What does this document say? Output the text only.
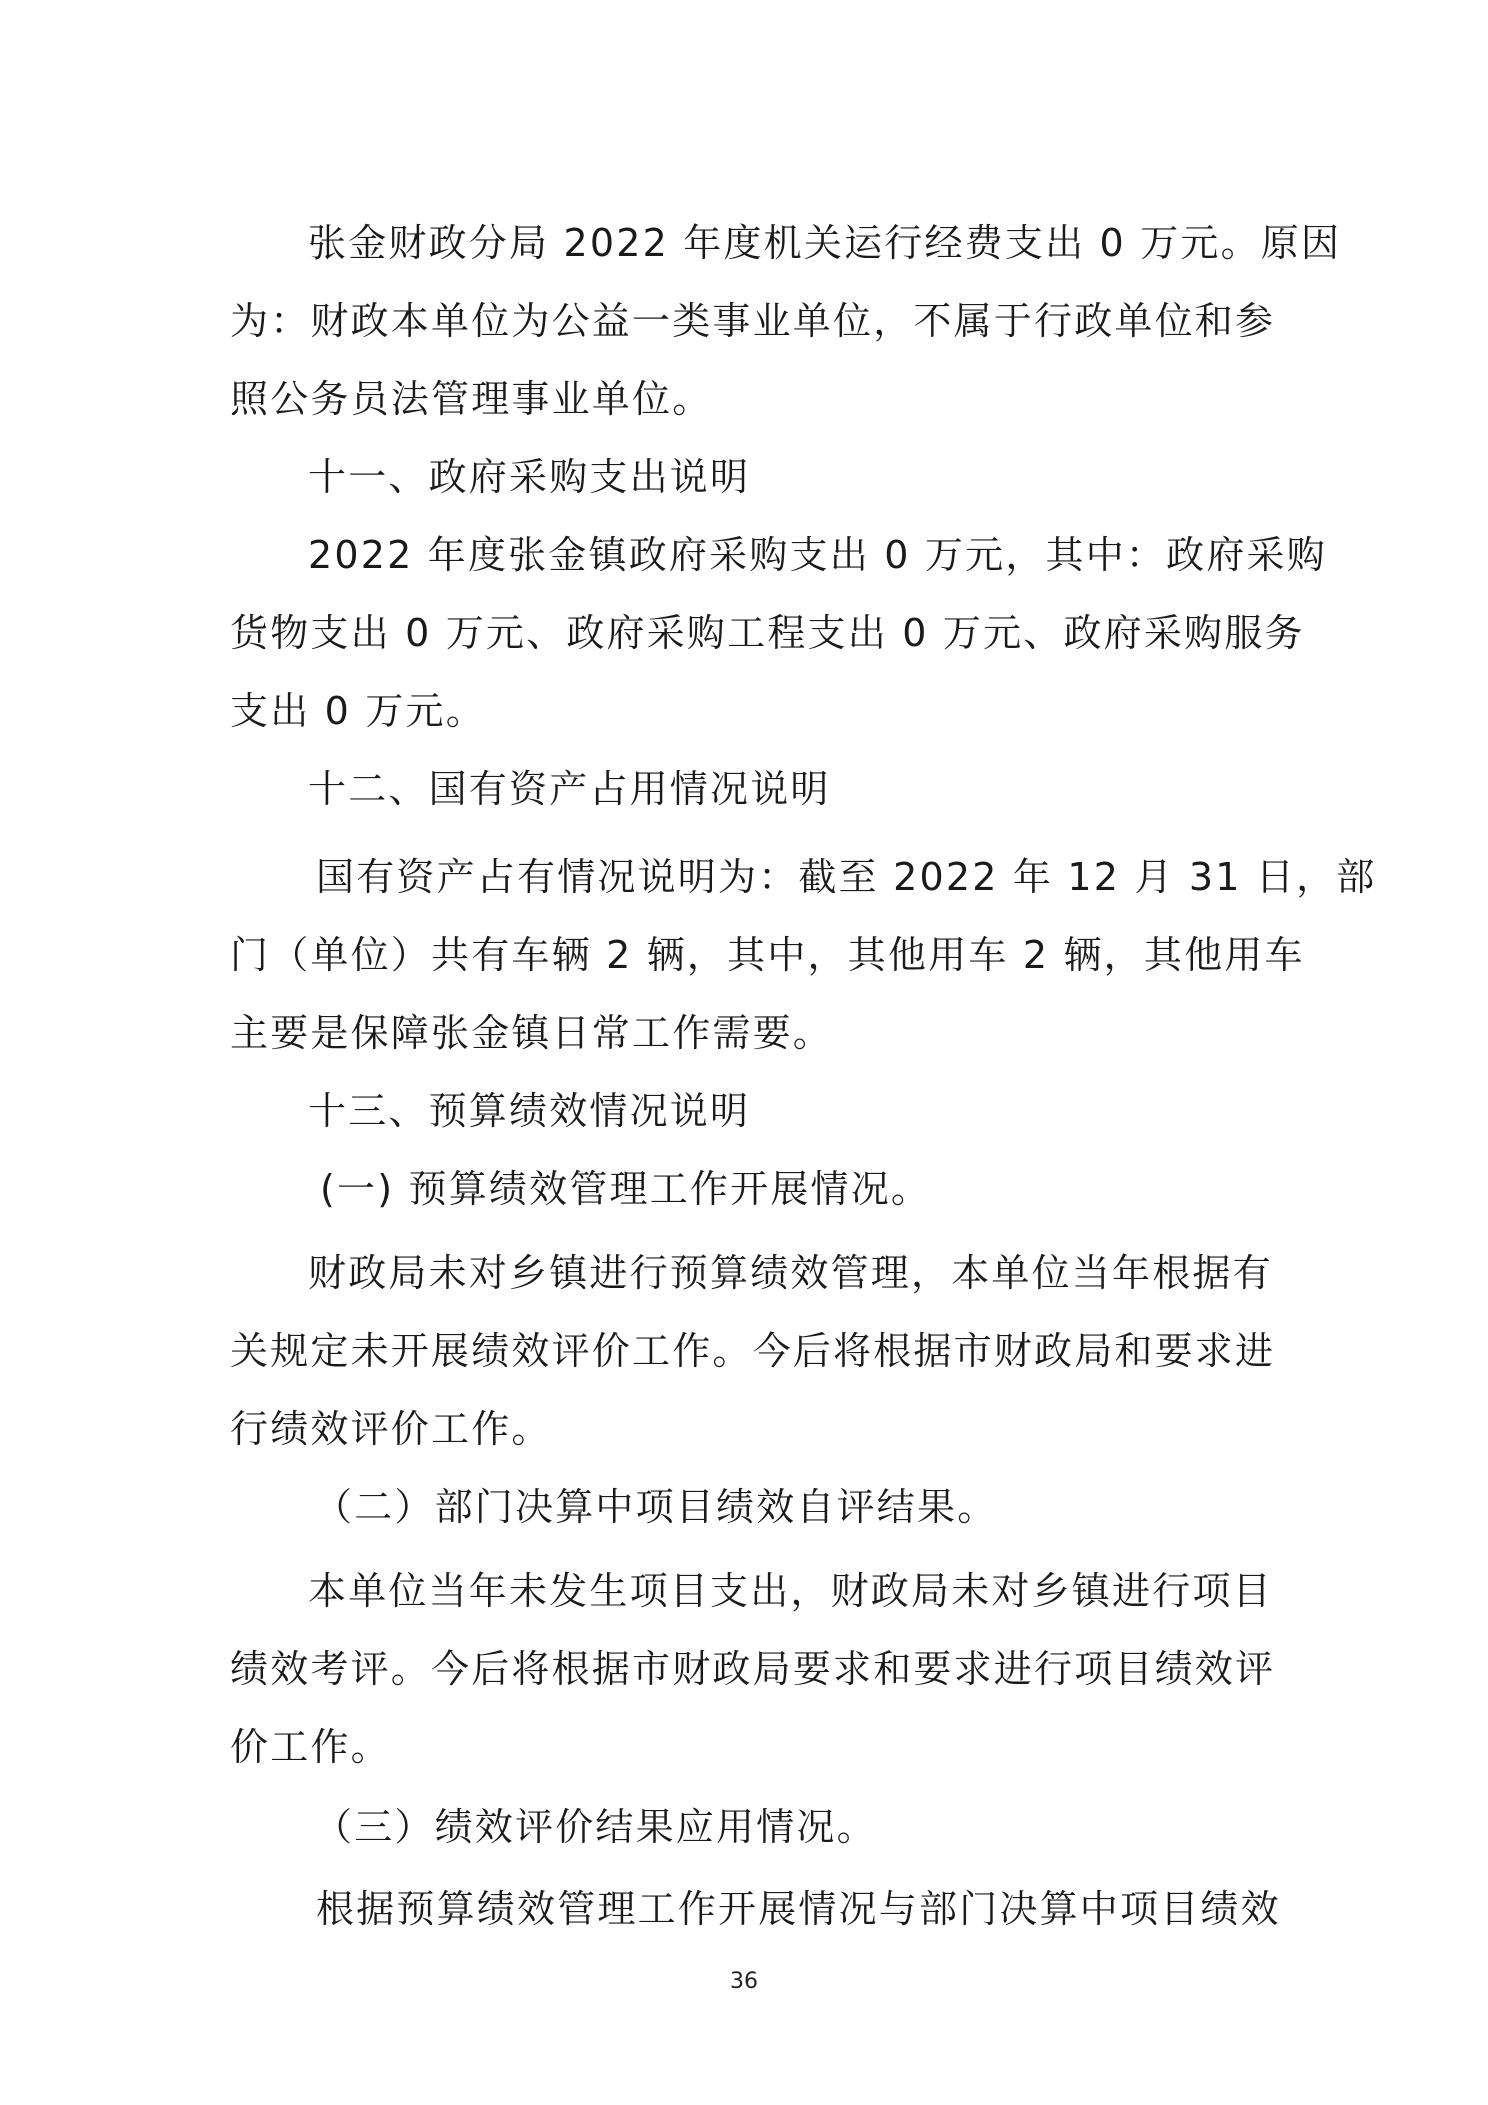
张金财政分局 2022 年度机关运行经费支出 0 万元。原因
为：财政本单位为公益一类事业单位，不属于行政单位和参
照公务员法管理事业单位。
十一、政府采购支出说明
2022 年度张金镇政府采购支出 0 万元，其中：政府采购
货物支出 0 万元、政府采购工程支出 0 万元、政府采购服务
支出 0 万元。
十二、国有资产占用情况说明
国有资产占有情况说明为：截至 2022 年 12 月 31 日，部
门（单位）共有车辆 2 辆，其中，其他用车 2 辆，其他用车
主要是保障张金镇日常工作需要。
十三、预算绩效情况说明
(一) 预算绩效管理工作开展情况。
财政局未对乡镇进行预算绩效管理，本单位当年根据有
关规定未开展绩效评价工作。今后将根据市财政局和要求进
行绩效评价工作。
（二）部门决算中项目绩效自评结果。
本单位当年未发生项目支出，财政局未对乡镇进行项目
绩效考评。今后将根据市财政局要求和要求进行项目绩效评
价工作。
（三）绩效评价结果应用情况。
根据预算绩效管理工作开展情况与部门决算中项目绩效
36
